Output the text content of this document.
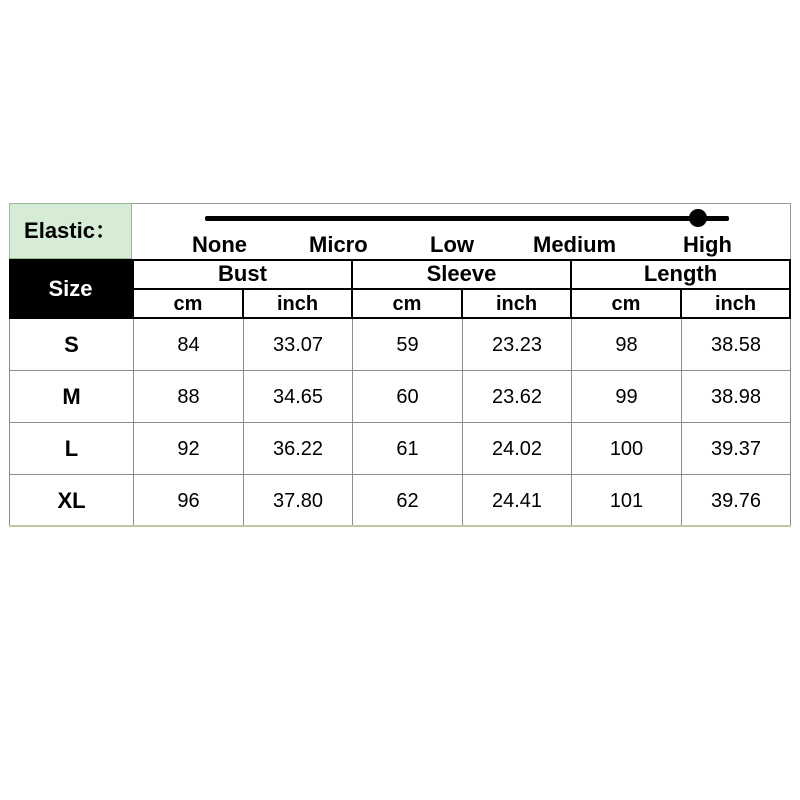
Elastic：
None	Micro	Low	Medium	High
Size
Bust	Sleeve	Length
cm	inch	cm	inch	cm	inch
S	84	33.07	59	23.23	98	38.58
M	88	34.65	60	23.62	99	38.98
L	92	36.22	61	24.02	100	39.37
XL	96	37.80	62	24.41	101	39.76
